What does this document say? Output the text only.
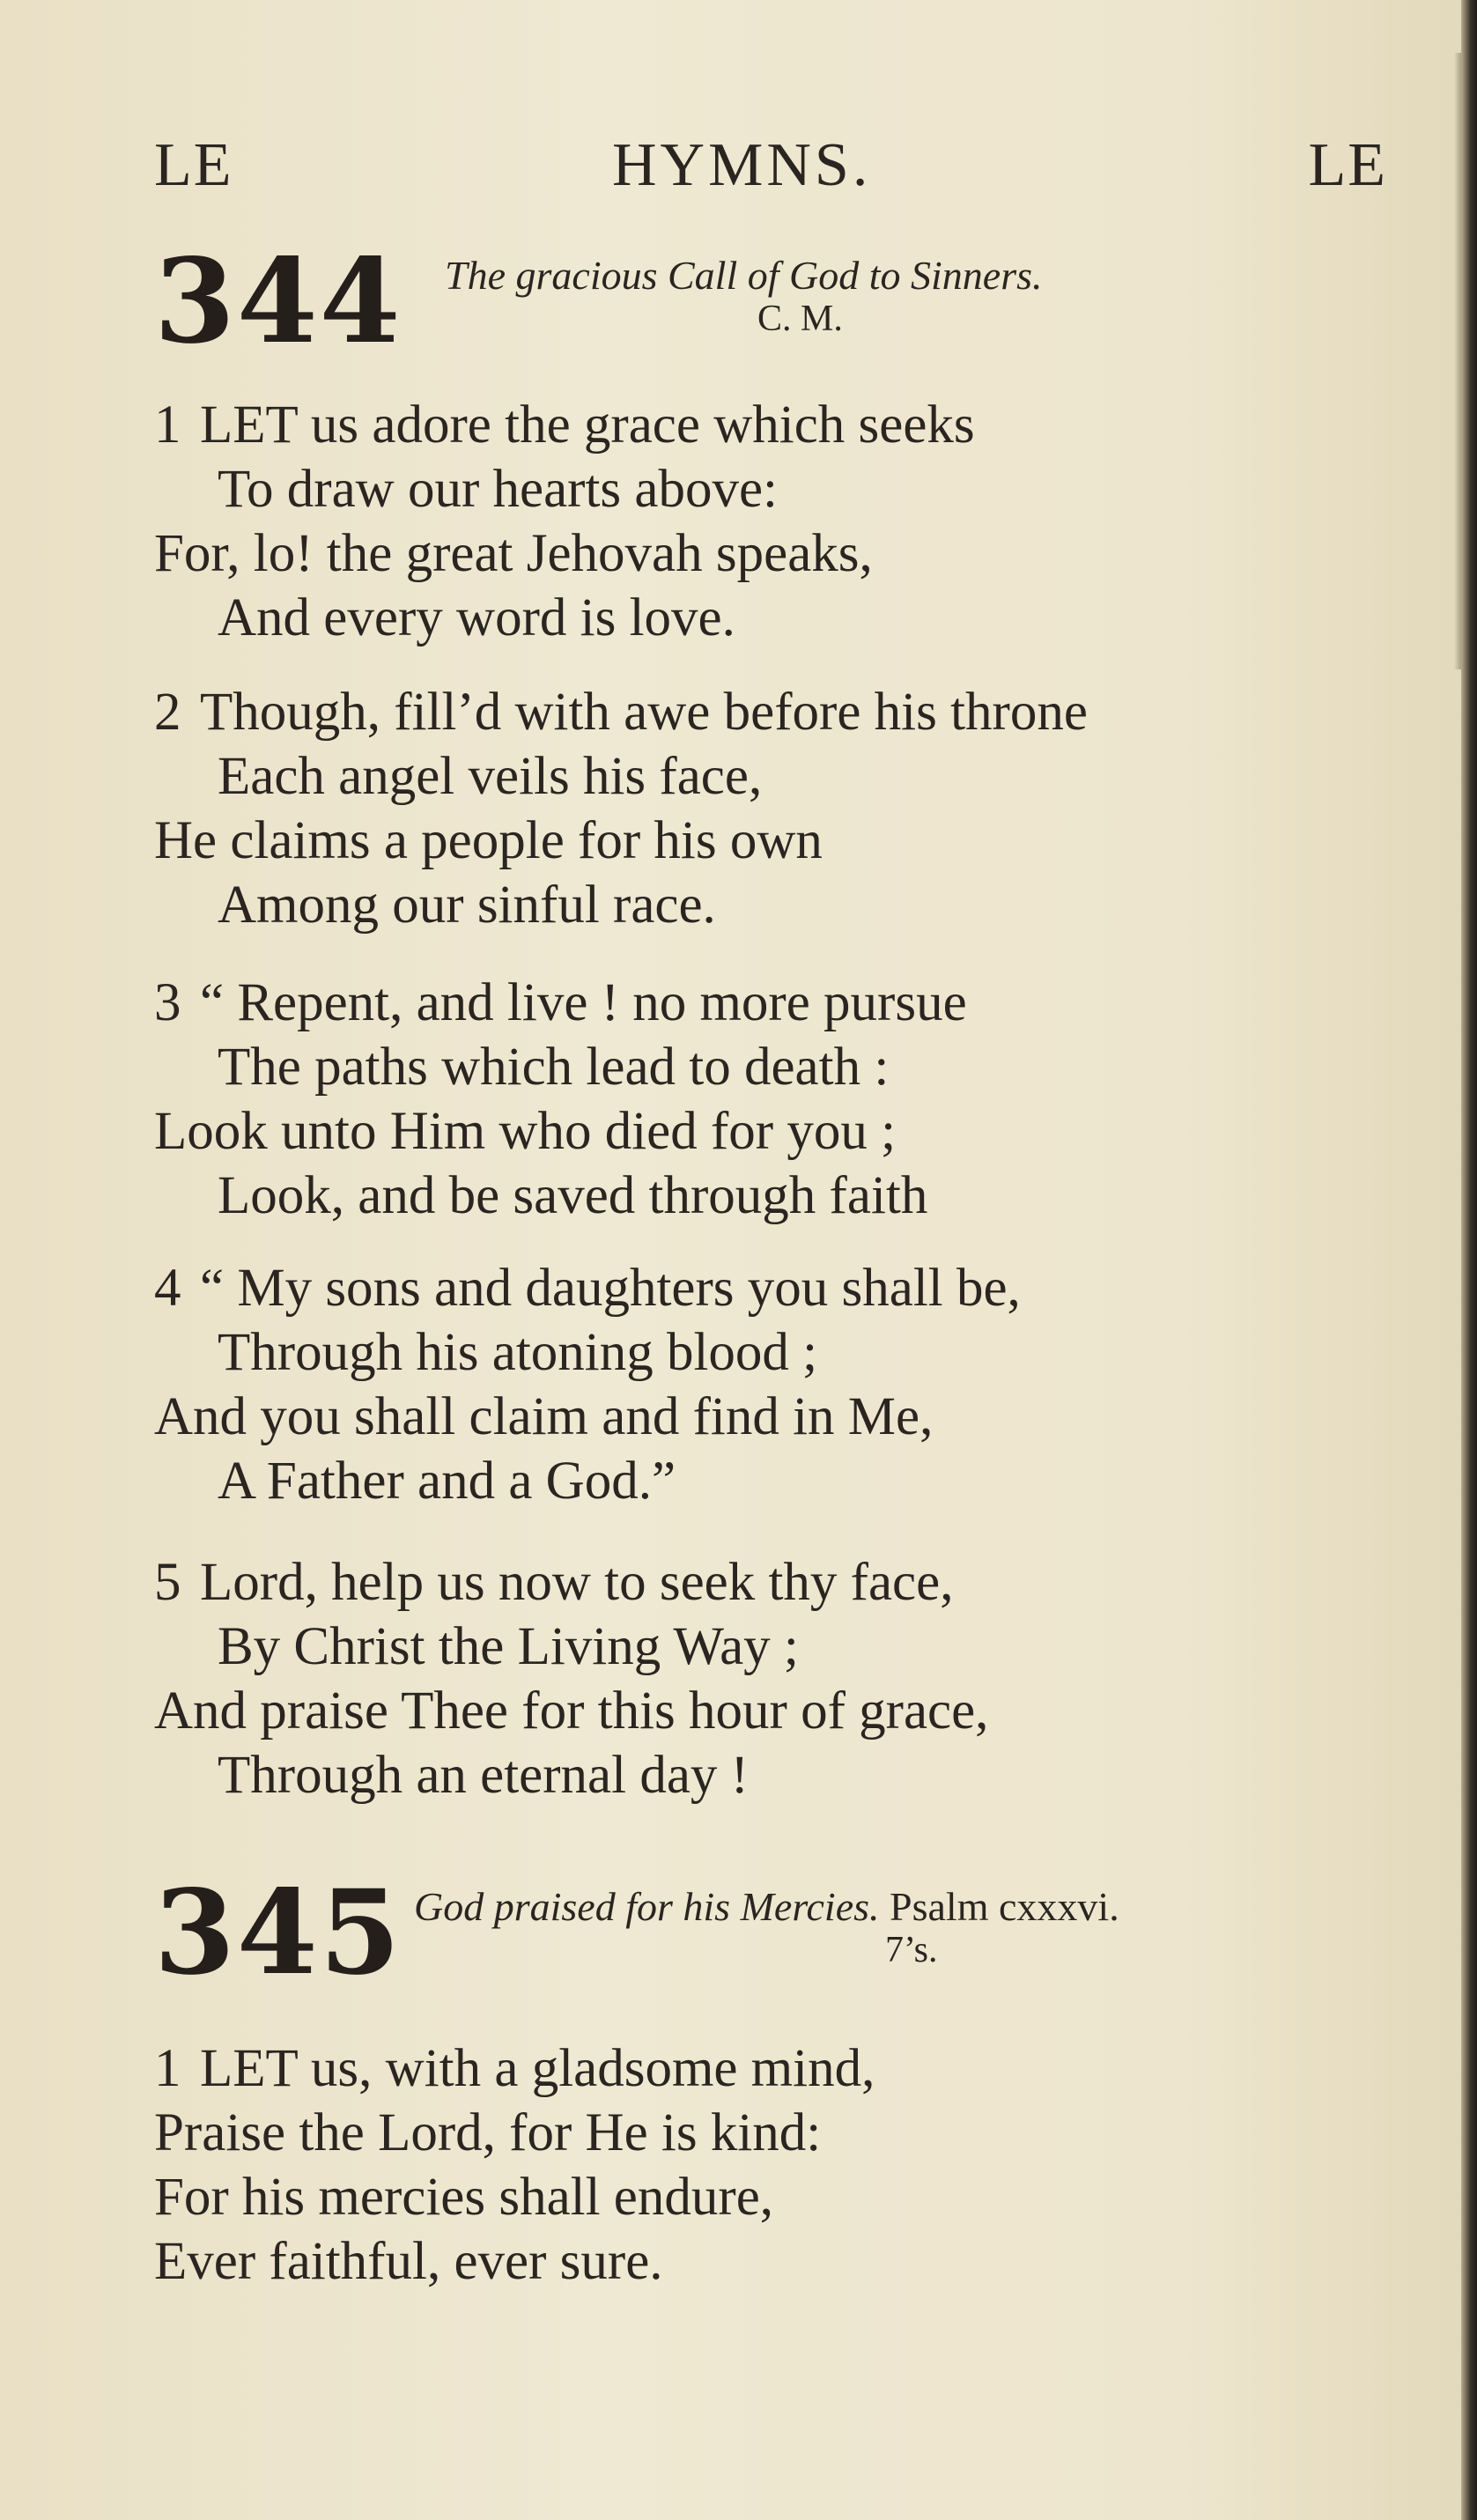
LE	HYMNS.	LE
344 The gracious Call of God to Sinners.
C. M.
1 LET us adore the grace which seeks
To draw our hearts above:
For, lo! the great Jehovah speaks,
And every word is love.
2 Though, fill’d with awe before his throne
Each angel veils his face,
He claims a people for his own
Among our sinful race.
3 “ Repent, and live ! no more pursue
The paths which lead to death :
Look unto Him who died for you ;
Look, and be saved through faith
4 “ My sons and daughters you shall be,
Through his atoning blood ;
And you shall claim and find in Me,
A Father and a God.”
5 Lord, help us now to seek thy face,
By Christ the Living Way ;
And praise Thee for this hour of grace,
Through an eternal day !
345 God praised for his Mercies. Psalm cxxxvi.
7’s.
1 LET us, with a gladsome mind,
Praise the Lord, for He is kind:
For his mercies shall endure,
Ever faithful, ever sure.
